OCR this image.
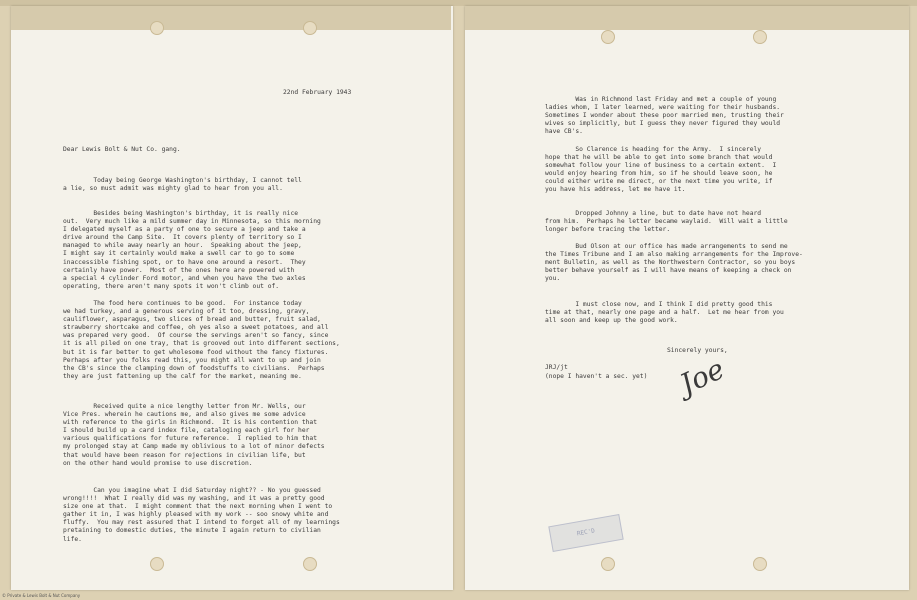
22nd February 1943
Dear Lewis Bolt & Nut Co. gang.
Today being George Washington's birthday, I cannot tell
a lie, so must admit was mighty glad to hear from you all.
Besides being Washington's birthday, it is really nice
out.  Very much like a mild summer day in Minnesota, so this morning
I delegated myself as a party of one to secure a jeep and take a
drive around the Camp Site.  It covers plenty of territory so I
managed to while away nearly an hour.  Speaking about the jeep,
I might say it certainly would make a swell car to go to some
inaccessible fishing spot, or to have one around a resort.  They
certainly have power.  Most of the ones here are powered with
a special 4 cylinder Ford motor, and when you have the two axles
operating, there aren't many spots it won't climb out of.
The food here continues to be good.  For instance today
we had turkey, and a generous serving of it too, dressing, gravy,
cauliflower, asparagus, two slices of bread and butter, fruit salad,
strawberry shortcake and coffee, oh yes also a sweet potatoes, and all
was prepared very good.  Of course the servings aren't so fancy, since
it is all piled on one tray, that is grooved out into different sections,
but it is far better to get wholesome food without the fancy fixtures.
Perhaps after you folks read this, you might all want to up and join
the CB's since the clamping down of foodstuffs to civilians.  Perhaps
they are just fattening up the calf for the market, meaning me.
Received quite a nice lengthy letter from Mr. Wells, our
Vice Pres. wherein he cautions me, and also gives me some advice
with reference to the girls in Richmond.  It is his contention that
I should build up a card index file, cataloging each girl for her
various qualifications for future reference.  I replied to him that
my prolonged stay at Camp made my oblivious to a lot of minor defects
that would have been reason for rejections in civilian life, but
on the other hand would promise to use discretion.
Can you imagine what I did Saturday night?? - No you guessed
wrong!!!!  What I really did was my washing, and it was a pretty good
size one at that.  I might comment that the next morning when I went to
gather it in, I was highly pleased with my work -- soo snowy white and
fluffy.  You may rest assured that I intend to forget all of my learnings
pretaining to domestic duties, the minute I again return to civilian
life.
Was in Richmond last Friday and met a couple of young
ladies whom, I later learned, were waiting for their husbands.
Sometimes I wonder about these poor married men, trusting their
wives so implicitly, but I guess they never figured they would
have CB's.
So Clarence is heading for the Army.  I sincerely
hope that he will be able to get into some branch that would
somewhat follow your line of business to a certain extent.  I
would enjoy hearing from him, so if he should leave soon, he
could either write me direct, or the next time you write, if
you have his address, let me have it.
Dropped Johnny a line, but to date have not heard
from him.  Perhaps he letter became waylaid.  Will wait a little
longer before tracing the letter.
Bud Olson at our office has made arrangements to send me
the Times Tribune and I am also making arrangements for the Improve-
ment Bulletin, as well as the Northwestern Contractor, so you boys
better behave yourself as I will have means of keeping a check on
you.
I must close now, and I think I did pretty good this
time at that, nearly one page and a half.  Let me hear from you
all soon and keep up the good work.
Sincerely yours,
JRJ/jt
(nope I haven't a sec. yet) Joe
REC'D
© Private & Lewis Bolt & Nut Company
